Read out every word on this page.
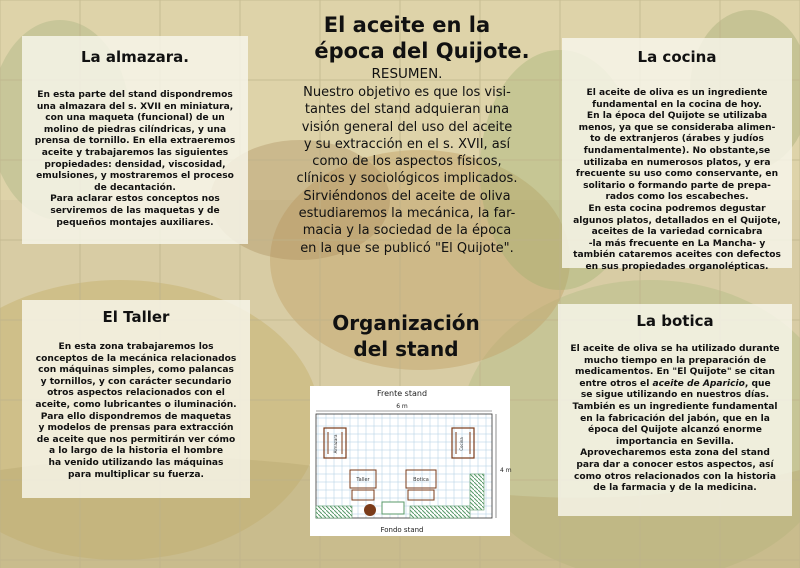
La almazara.
En esta parte del stand dispondremos
una almazara del s. XVII en miniatura,
con una maqueta (funcional) de un
molino de piedras cilíndricas, y una
prensa de tornillo. En ella extraeremos
aceite y trabajaremos las siguientes
propiedades: densidad, viscosidad,
emulsiones, y mostraremos el proceso
de decantación.
Para aclarar estos conceptos nos
serviremos de las maquetas y de
pequeños montajes auxiliares.
El aceite en la
época del Quijote.
RESUMEN.
Nuestro objetivo es que los visi-
tantes del stand adquieran una
visión general del uso del aceite
y su extracción en el s. XVII, así
como de los aspectos físicos,
clínicos y sociológicos implicados.
Sirviéndonos del aceite de oliva
estudiaremos la mecánica, la far-
macia y la sociedad de la época
en la que se publicó "El Quijote".
La cocina
El aceite de oliva es un ingrediente
fundamental en la cocina de hoy.
En la época del Quijote se utilizaba
menos, ya que se consideraba alimen-
to de extranjeros (árabes y judíos
fundamentalmente). No obstante,se
utilizaba en numerosos platos, y era
frecuente su uso como conservante, en
solitario o formando parte de prepa-
rados como los escabeches.
En esta cocina podremos degustar
algunos platos, detallados en el Quijote,
aceites de la variedad cornicabra
-la más frecuente en La Mancha- y
también cataremos aceites con defectos
en sus propiedades organolépticas.
El Taller
En esta zona trabajaremos los
conceptos de la mecánica relacionados
con máquinas simples, como palancas
y tornillos, y con carácter secundario
otros aspectos relacionados con el
aceite, como lubricantes o iluminación.
Para ello dispondremos de maquetas
y modelos de prensas para extracción
de aceite que nos permitirán ver cómo
a lo largo de la historia el hombre
ha venido utilizando las máquinas
para multiplicar su fuerza.
La botica
El aceite de oliva se ha utilizado durante
mucho tiempo en la preparación de
medicamentos. En "El Quijote" se citan
entre otros el aceite de Aparicio, que
se sigue utilizando en nuestros días.
También es un ingrediente fundamental
en la fabricación del jabón, que en la
época del Quijote alcanzó enorme
importancia en Sevilla.
Aprovecharemos esta zona del stand
para dar a conocer estos aspectos, así
como otros relacionados con la historia
de la farmacia y de la medicina.
Organización
del stand
Frente stand
6 m
4 m
Almazara	Cocina
Taller	Botica
Fondo stand
